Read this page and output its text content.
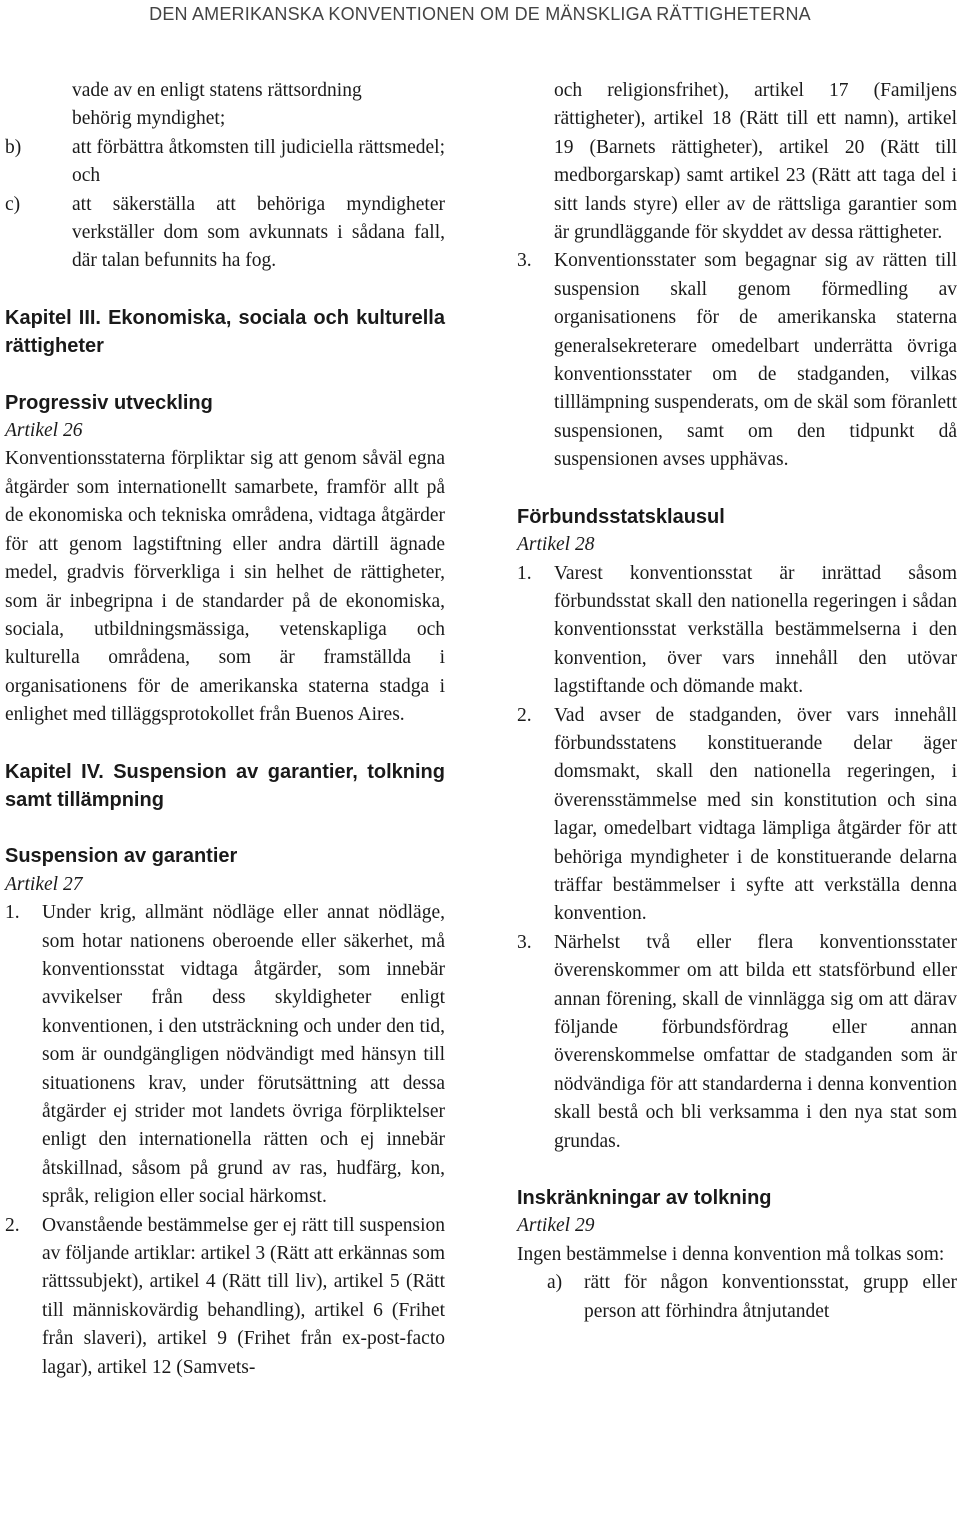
DEN AMERIKANSKA KONVENTIONEN OM DE MÄNSKLIGA RÄTTIGHETERNA

vade av en enligt statens rättsordning

behörig myndighet;

b)	att förbättra åtkomsten till judiciella rättsmedel; och
c)	att säkerställa att behöriga myndigheter verkställer dom som avkunnats i sådana fall, där talan befunnits ha fog.
Kapitel III. Ekonomiska, sociala och kulturella rättigheter
Progressiv utveckling
Artikel 26

Konventionsstaterna förpliktar sig att genom såväl egna åtgärder som internationellt samarbete, framför allt på de ekonomiska och tekniska områdena, vidtaga åtgärder för att genom lagstiftning eller andra därtill ägnade medel, gradvis förverkliga i sin helhet de rättigheter, som är inbegripna i de standarder på de ekonomiska, sociala, utbildningsmässiga, vetenskapliga och kulturella områdena, som är framställda i organisationens för de amerikanska staterna stadga i enlighet med tilläggsprotokollet från Buenos Aires.

Kapitel IV. Suspension av garantier, tolkning samt tillämpning
Suspension av garantier
Artikel 27
1. Under krig, allmänt nödläge eller annat nödläge, som hotar nationens oberoende eller säkerhet, må konventionsstat vidtaga åtgärder, som innebär avvikelser från dess skyldigheter enligt konventionen, i den utsträckning och under den tid, som är oundgängligen nödvändigt med hänsyn till situationens krav, under förutsättning att dessa åtgärder ej strider mot landets övriga förpliktelser enligt den internationella rätten och ej innebär åtskillnad, såsom på grund av ras, hudfärg, kon, språk, religion eller social härkomst.
2. Ovanstående bestämmelse ger ej rätt till suspension av följande artiklar: artikel 3 (Rätt att erkännas som rättssubjekt), artikel 4 (Rätt till liv), artikel 5 (Rätt till människovärdig behandling), artikel 6 (Frihet från slaveri), artikel 9 (Frihet från ex-post-facto lagar), artikel 12 (Samvets-

och religionsfrihet), artikel 17 (Familjens rättigheter), artikel 18 (Rätt till ett namn), artikel 19 (Barnets rättigheter), artikel 20 (Rätt till medborgarskap) samt artikel 23 (Rätt att taga del i sitt lands styre) eller av de rättsliga garantier som är grundläggande för skyddet av dessa rättigheter.

3. Konventionsstater som begagnar sig av rätten till suspension skall genom förmedling av organisationens för de amerikanska staterna generalsekreterare omedelbart underrätta övriga konventionsstater om de stadganden, vilkas tilllämpning suspenderats, om de skäl som föranlett suspensionen, samt om den tidpunkt då suspensionen avses upphävas.
Förbundsstatsklausul
Artikel 28
1. Varest konventionsstat är inrättad såsom förbundsstat skall den nationella regeringen i sådan konventionsstat verkställa bestämmelserna i den konvention, över vars innehåll den utövar lagstiftande och dömande makt.
2. Vad avser de stadganden, över vars innehåll förbundsstatens konstituerande delar äger domsmakt, skall den nationella regeringen, i överensstämmelse med sin konstitution och sina lagar, omedelbart vidtaga lämpliga åtgärder för att behöriga myndigheter i de konstituerande delarna träffar bestämmelser i syfte att verkställa denna konvention.
3. Närhelst två eller flera konventionsstater överenskommer om att bilda ett statsförbund eller annan förening, skall de vinnlägga sig om att därav följande förbundsfördrag eller annan överenskommelse omfattar de stadganden som är nödvändiga för att standarderna i denna konvention skall bestå och bli verksamma i den nya stat som grundas.
Inskränkningar av tolkning
Artikel 29

Ingen bestämmelse i denna konvention må tolkas som:

a) rätt för någon konventionsstat, grupp eller person att förhindra åtnjutandet
